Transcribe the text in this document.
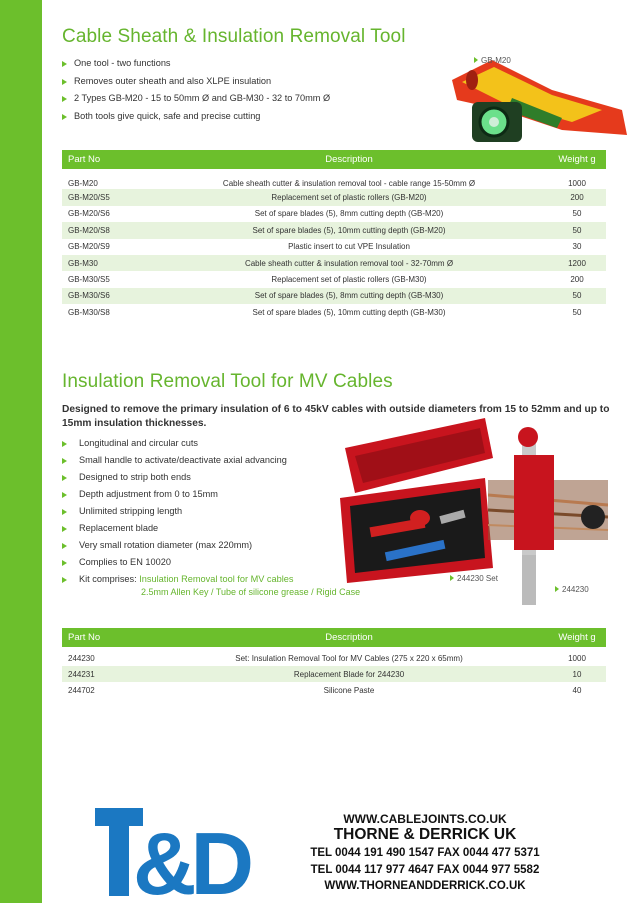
Cable Sheath & Insulation Removal Tool
One tool - two functions
Removes outer sheath and also XLPE insulation
2 Types GB-M20 - 15 to 50mm Ø and GB-M30 - 32 to 70mm Ø
Both tools give quick, safe and precise cutting
GB-M20
Part No	Description	Weight g
GB-M20	Cable sheath cutter & insulation removal tool - cable range 15-50mm Ø	1000
GB-M20/S5	Replacement set of plastic rollers (GB-M20)	200
GB-M20/S6	Set of spare blades (5), 8mm cutting depth (GB-M20)	50
GB-M20/S8	Set of spare blades (5), 10mm cutting depth (GB-M20)	50
GB-M20/S9	Plastic insert to cut VPE Insulation	30
GB-M30	Cable sheath cutter & insulation removal tool - 32-70mm Ø	1200
GB-M30/S5	Replacement set of plastic rollers (GB-M30)	200
GB-M30/S6	Set of spare blades (5), 8mm cutting depth (GB-M30)	50
GB-M30/S8	Set of spare blades (5), 10mm cutting depth (GB-M30)	50
Insulation Removal Tool for MV Cables
Designed to remove the primary insulation of 6 to 45kV cables with outside diameters from 15 to 52mm and up to 15mm insulation thicknesses.
Longitudinal and circular cuts
Small handle to activate/deactivate axial advancing
Designed to strip both ends
Depth adjustment from 0 to 15mm
Unlimited stripping length
Replacement blade
Very small rotation diameter (max 220mm)
Complies to EN 10020
Kit comprises: Insulation Removal tool for MV cables
2.5mm Allen Key / Tube of silicone grease / Rigid Case
244230 Set
244230
Part No	Description	Weight g
244230	Set: Insulation Removal Tool for MV Cables (275 x 220 x 65mm)	1000
244231	Replacement Blade for 244230	10
244702	Silicone Paste	40
&D	WWW.CABLEJOINTS.CO.UK
THORNE & DERRICK UK
TEL 0044 191 490 1547 FAX 0044 477 5371
TEL 0044 117 977 4647 FAX 0044 977 5582
WWW.THORNEANDDERRICK.CO.UK
